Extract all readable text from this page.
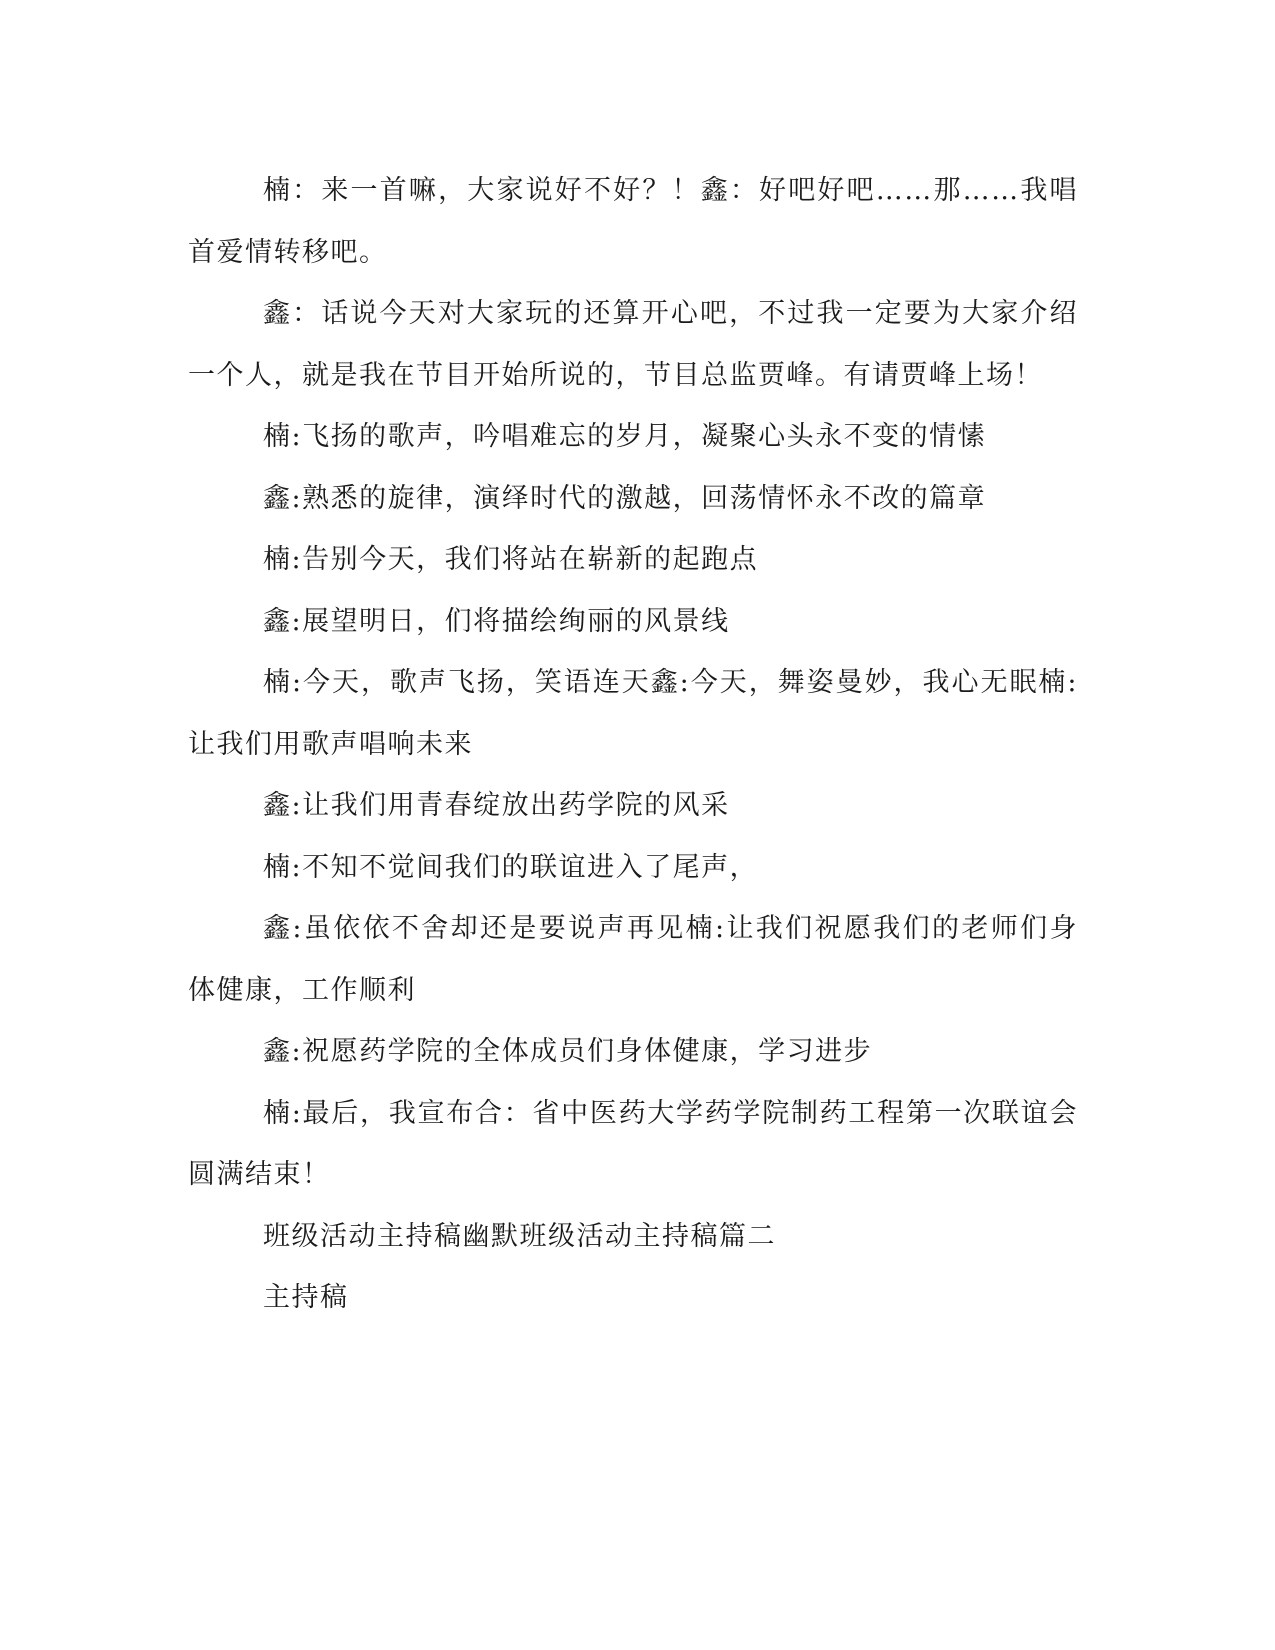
楠：来一首嘛，大家说好不好？！鑫：好吧好吧……那……我唱首爱情转移吧。

鑫：话说今天对大家玩的还算开心吧，不过我一定要为大家介绍一个人，就是我在节目开始所说的，节目总监贾峰。有请贾峰上场！

楠:飞扬的歌声，吟唱难忘的岁月，凝聚心头永不变的情愫

鑫:熟悉的旋律，演绎时代的激越，回荡情怀永不改的篇章

楠:告别今天，我们将站在崭新的起跑点

鑫:展望明日，们将描绘绚丽的风景线

楠:今天，歌声飞扬，笑语连天鑫:今天，舞姿曼妙，我心无眠楠:让我们用歌声唱响未来

鑫:让我们用青春绽放出药学院的风采

楠:不知不觉间我们的联谊进入了尾声，

鑫:虽依依不舍却还是要说声再见楠:让我们祝愿我们的老师们身体健康，工作顺利

鑫:祝愿药学院的全体成员们身体健康，学习进步

楠:最后，我宣布合：省中医药大学药学院制药工程第一次联谊会圆满结束！

班级活动主持稿幽默班级活动主持稿篇二

主持稿
